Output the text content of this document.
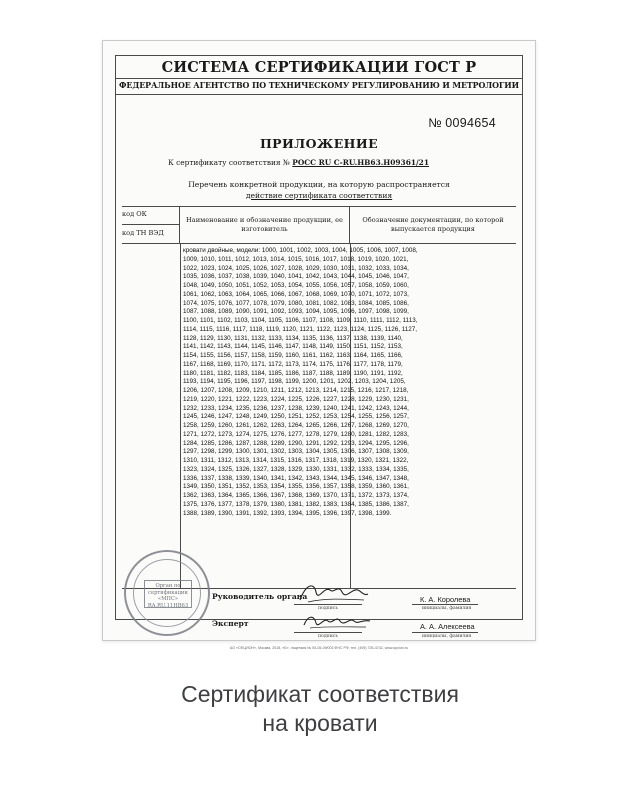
СИСТЕМА СЕРТИФИКАЦИИ ГОСТ Р
ФЕДЕРАЛЬНОЕ АГЕНТСТВО ПО ТЕХНИЧЕСКОМУ РЕГУЛИРОВАНИЮ И МЕТРОЛОГИИ
№ 0094654
ПРИЛОЖЕНИЕ
К сертификату соответствия № РОСС RU С-RU.НВ63.Н09361/21
Перечень конкретной продукции, на которую распространяется
действие сертификата соответствия
код ОК
код ТН ВЭД
Наименование и обозначение продукции, ее изготовитель
Обозначение документации, по которой выпускается продукция
кровати двойные, модели: 1000, 1001, 1002, 1003, 1004, 1005, 1006, 1007, 1008, 1009, 1010, 1011, 1012, 1013, 1014, 1015, 1016, 1017, 1018, 1019, 1020, 1021, 1022, 1023, 1024, 1025, 1026, 1027, 1028, 1029, 1030, 1031, 1032, 1033, 1034, 1035, 1036, 1037, 1038, 1039, 1040, 1041, 1042, 1043, 1044, 1045, 1046, 1047, 1048, 1049, 1050, 1051, 1052, 1053, 1054, 1055, 1056, 1057, 1058, 1059, 1060, 1061, 1062, 1063, 1064, 1065, 1066, 1067, 1068, 1069, 1070, 1071, 1072, 1073, 1074, 1075, 1076, 1077, 1078, 1079, 1080, 1081, 1082, 1083, 1084, 1085, 1086, 1087, 1088, 1089, 1090, 1091, 1092, 1093, 1094, 1095, 1096, 1097, 1098, 1099, 1100, 1101, 1102, 1103, 1104, 1105, 1106, 1107, 1108, 1109, 1110, 1111, 1112, 1113, 1114, 1115, 1116, 1117, 1118, 1119, 1120, 1121, 1122, 1123, 1124, 1125, 1126, 1127, 1128, 1129, 1130, 1131, 1132, 1133, 1134, 1135, 1136, 1137, 1138, 1139, 1140, 1141, 1142, 1143, 1144, 1145, 1146, 1147, 1148, 1149, 1150, 1151, 1152, 1153, 1154, 1155, 1156, 1157, 1158, 1159, 1160, 1161, 1162, 1163, 1164, 1165, 1166, 1167, 1168, 1169, 1170, 1171, 1172, 1173, 1174, 1175, 1176, 1177, 1178, 1179, 1180, 1181, 1182, 1183, 1184, 1185, 1186, 1187, 1188, 1189, 1190, 1191, 1192, 1193, 1194, 1195, 1196, 1197, 1198, 1199, 1200, 1201, 1202, 1203, 1204, 1205, 1206, 1207, 1208, 1209, 1210, 1211, 1212, 1213, 1214, 1215, 1216, 1217, 1218, 1219, 1220, 1221, 1222, 1223, 1224, 1225, 1226, 1227, 1228, 1229, 1230, 1231, 1232, 1233, 1234, 1235, 1236, 1237, 1238, 1239, 1240, 1241, 1242, 1243, 1244, 1245, 1246, 1247, 1248, 1249, 1250, 1251, 1252, 1253, 1254, 1255, 1256, 1257, 1258, 1259, 1260, 1261, 1262, 1263, 1264, 1265, 1266, 1267, 1268, 1269, 1270, 1271, 1272, 1273, 1274, 1275, 1276, 1277, 1278, 1279, 1280, 1281, 1282, 1283, 1284, 1285, 1286, 1287, 1288, 1289, 1290, 1291, 1292, 1293, 1294, 1295, 1296, 1297, 1298, 1299, 1300, 1301, 1302, 1303, 1304, 1305, 1306, 1307, 1308, 1309, 1310, 1311, 1312, 1313, 1314, 1315, 1316, 1317, 1318, 1319, 1320, 1321, 1322, 1323, 1324, 1325, 1326, 1327, 1328, 1329, 1330, 1331, 1332, 1333, 1334, 1335, 1336, 1337, 1338, 1339, 1340, 1341, 1342, 1343, 1344, 1345, 1346, 1347, 1348, 1349, 1350, 1351, 1352, 1353, 1354, 1355, 1356, 1357, 1358, 1359, 1360, 1361, 1362, 1363, 1364, 1365, 1366, 1367, 1368, 1369, 1370, 1371, 1372, 1373, 1374, 1375, 1376, 1377, 1378, 1379, 1380, 1381, 1382, 1383, 1384, 1385, 1386, 1387, 1388, 1389, 1390, 1391, 1392, 1393, 1394, 1395, 1396, 1397, 1398, 1399.
Орган по сертификации
«МПС»
RA.RU.11НВ63
Руководитель органа
Эксперт
подпись
подпись
инициалы, фамилия
инициалы, фамилия
К. А. Королева
А. А. Алексеева
АО «ОПЦИОН», Москва, 2018, «Б», лицензия № 05-05-09/003 ФНС РФ, тел. (495) 726-4742, www.opcion.ru
Сертификат соответствия
на кровати
